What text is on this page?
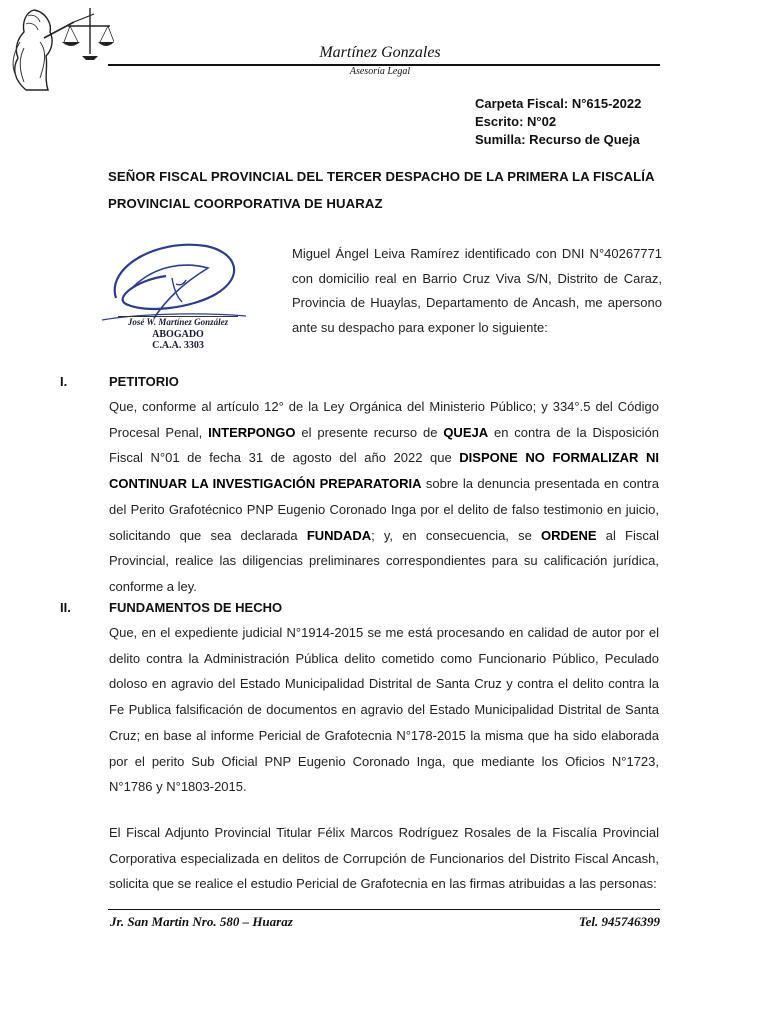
Martínez Gonzales
Asesoría Legal
Carpeta Fiscal: N°615-2022
Escrito: N°02
Sumilla: Recurso de Queja
SEÑOR FISCAL PROVINCIAL DEL TERCER DESPACHO DE LA PRIMERA LA FISCALÍA PROVINCIAL COORPORATIVA DE HUARAZ
José W. Martínez González
ABOGADO
C.A.A. 3303
Miguel Ángel Leiva Ramírez identificado con DNI N°40267771 con domicilio real en Barrio Cruz Viva S/N, Distrito de Caraz, Provincia de Huaylas, Departamento de Ancash, me apersono ante su despacho para exponer lo siguiente:
I.	PETITORIO
Que, conforme al artículo 12° de la Ley Orgánica del Ministerio Público; y 334°.5 del Código Procesal Penal, INTERPONGO el presente recurso de QUEJA en contra de la Disposición Fiscal N°01 de fecha 31 de agosto del año 2022 que DISPONE NO FORMALIZAR NI CONTINUAR LA INVESTIGACIÓN PREPARATORIA sobre la denuncia presentada en contra del Perito Grafotécnico PNP Eugenio Coronado Inga por el delito de falso testimonio en juicio, solicitando que sea declarada FUNDADA; y, en consecuencia, se ORDENE al Fiscal Provincial, realice las diligencias preliminares correspondientes para su calificación jurídica, conforme a ley.
II.	FUNDAMENTOS DE HECHO
Que, en el expediente judicial N°1914-2015 se me está procesando en calidad de autor por el delito contra la Administración Pública delito cometido como Funcionario Público, Peculado doloso en agravio del Estado Municipalidad Distrital de Santa Cruz y contra el delito contra la Fe Publica falsificación de documentos en agravio del Estado Municipalidad Distrital de Santa Cruz; en base al informe Pericial de Grafotecnia N°178-2015 la misma que ha sido elaborada por el perito Sub Oficial PNP Eugenio Coronado Inga, que mediante los Oficios N°1723, N°1786 y N°1803-2015.
El Fiscal Adjunto Provincial Titular Félix Marcos Rodríguez Rosales de la Fiscalía Provincial Corporativa especializada en delitos de Corrupción de Funcionarios del Distrito Fiscal Ancash, solicita que se realice el estudio Pericial de Grafotecnia en las firmas atribuidas a las personas:
Jr. San Martin Nro. 580 – Huaraz	Tel. 945746399
